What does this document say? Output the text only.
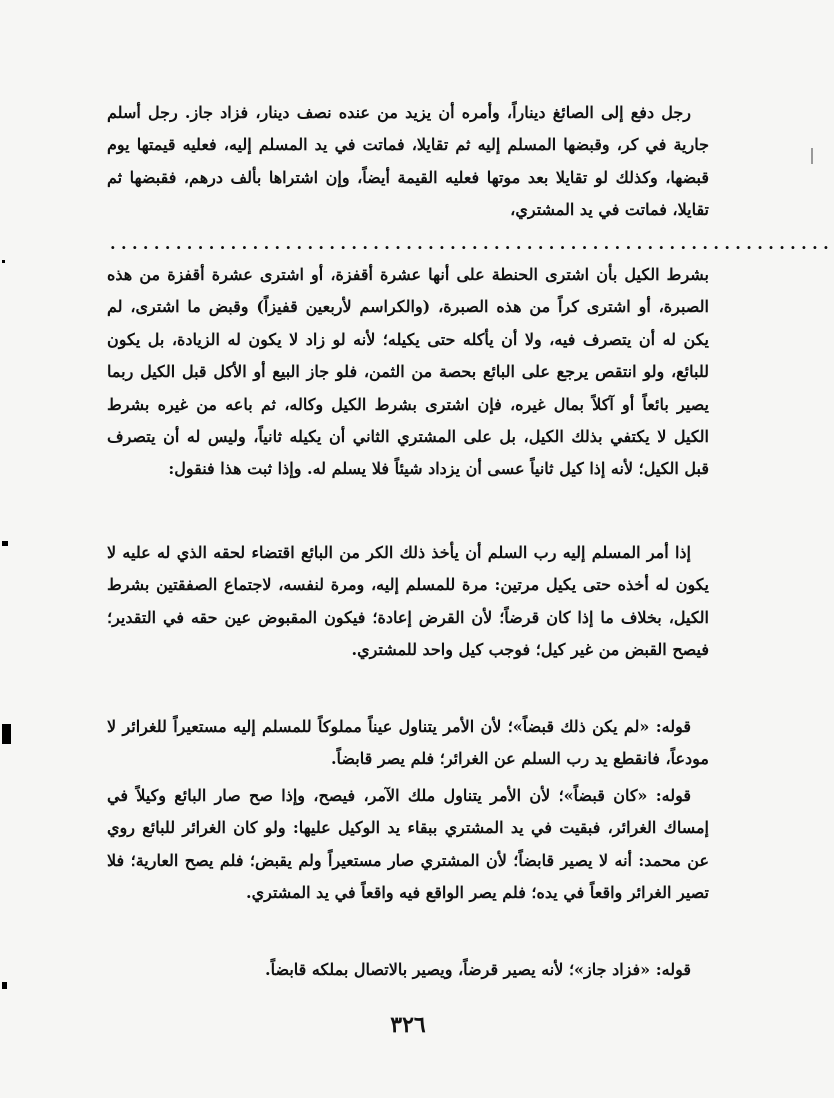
رجل دفع إلى الصائغ ديناراً، وأمره أن يزيد من عنده نصف دينار، فزاد جاز. رجل أسلم جارية في كر، وقبضها المسلم إليه ثم تقايلا، فماتت في يد المسلم إليه، فعليه قيمتها يوم قبضها، وكذلك لو تقايلا بعد موتها فعليه القيمة أيضاً، وإن اشتراها بألف درهم، فقبضها ثم تقايلا، فماتت في يد المشتري،

..................................................................

بشرط الكيل بأن اشترى الحنطة على أنها عشرة أقفزة، أو اشترى عشرة أقفزة من هذه الصبرة، أو اشترى كراً من هذه الصبرة، (والكراسم لأربعين قفيزاً) وقبض ما اشترى، لم يكن له أن يتصرف فيه، ولا أن يأكله حتى يكيله؛ لأنه لو زاد لا يكون له الزيادة، بل يكون للبائع، ولو انتقص يرجع على البائع بحصة من الثمن، فلو جاز البيع أو الأكل قبل الكيل ربما يصير بائعاً أو آكلاً بمال غيره، فإن اشترى بشرط الكيل وكاله، ثم باعه من غيره بشرط الكيل لا يكتفي بذلك الكيل، بل على المشتري الثاني أن يكيله ثانياً، وليس له أن يتصرف قبل الكيل؛ لأنه إذا كيل ثانياً عسى أن يزداد شيئاً فلا يسلم له. وإذا ثبت هذا فنقول:

إذا أمر المسلم إليه رب السلم أن يأخذ ذلك الكر من البائع اقتضاء لحقه الذي له عليه لا يكون له أخذه حتى يكيل مرتين: مرة للمسلم إليه، ومرة لنفسه، لاجتماع الصفقتين بشرط الكيل، بخلاف ما إذا كان قرضاً؛ لأن القرض إعادة؛ فيكون المقبوض عين حقه في التقدير؛ فيصح القبض من غير كيل؛ فوجب كيل واحد للمشتري.

قوله: «لم يكن ذلك قبضاً»؛ لأن الأمر يتناول عيناً مملوكاً للمسلم إليه مستعيراً للغرائر لا مودعاً، فانقطع يد رب السلم عن الغرائر؛ فلم يصر قابضاً.

قوله: «كان قبضاً»؛ لأن الأمر يتناول ملك الآمر، فيصح، وإذا صح صار البائع وكيلاً في إمساك الغرائر، فبقيت في يد المشتري ببقاء يد الوكيل عليها: ولو كان الغرائر للبائع روي عن محمد: أنه لا يصير قابضاً؛ لأن المشتري صار مستعيراً ولم يقبض؛ فلم يصح العارية؛ فلا تصير الغرائر واقعاً في يده؛ فلم يصر الواقع فيه واقعاً في يد المشتري.

قوله: «فزاد جاز»؛ لأنه يصير قرضاً، ويصير بالاتصال بملكه قابضاً.

٣٢٦
